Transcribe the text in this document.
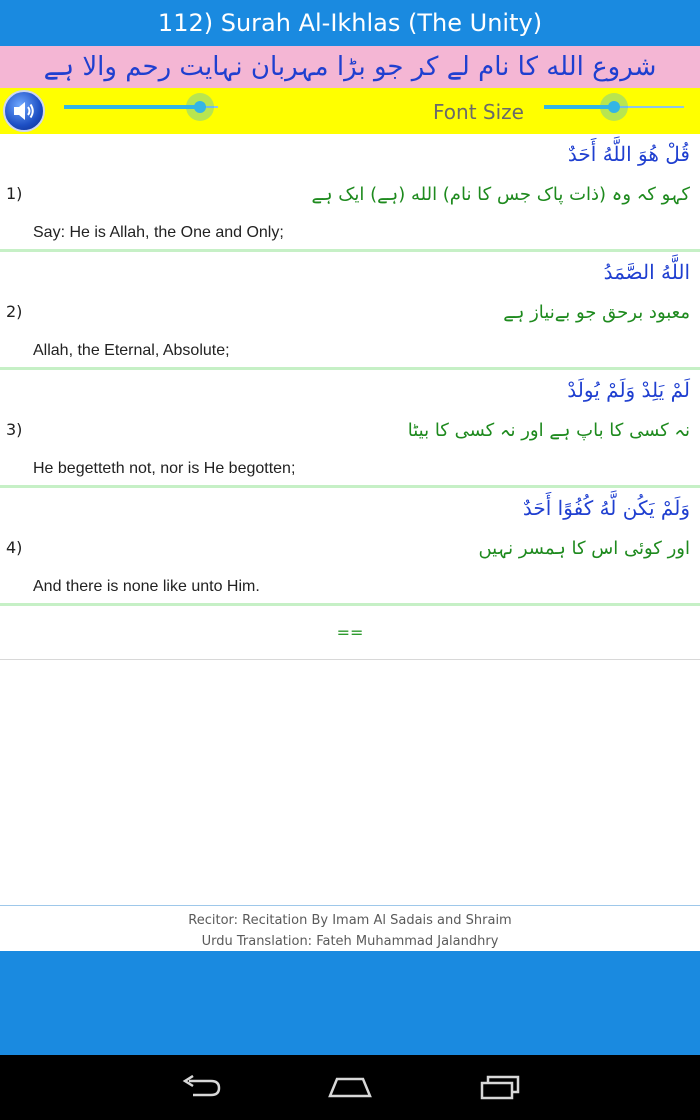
112) Surah Al-Ikhlas (The Unity)
شروع الله کا نام لے کر جو بڑا مہربان نہایت رحم والا ہے
Font Size
قُلْ هُوَ اللَّهُ أَحَدٌ
1)	کہو کہ وہ (ذات پاک جس کا نام) الله (ہے) ایک ہے
Say: He is Allah, the One and Only;
اللَّهُ الصَّمَدُ
2)	معبود برحق جو بےنیاز ہے
Allah, the Eternal, Absolute;
لَمْ يَلِدْ وَلَمْ يُولَدْ
3)	نہ کسی کا باپ ہے اور نہ کسی کا بیٹا
He begetteth not, nor is He begotten;
وَلَمْ يَكُن لَّهُ كُفُوًا أَحَدٌ
4)	اور کوئی اس کا ہمسر نہیں
And there is none like unto Him.
==
Recitor: Recitation By Imam Al Sadais and Shraim
Urdu Translation: Fateh Muhammad Jalandhry
